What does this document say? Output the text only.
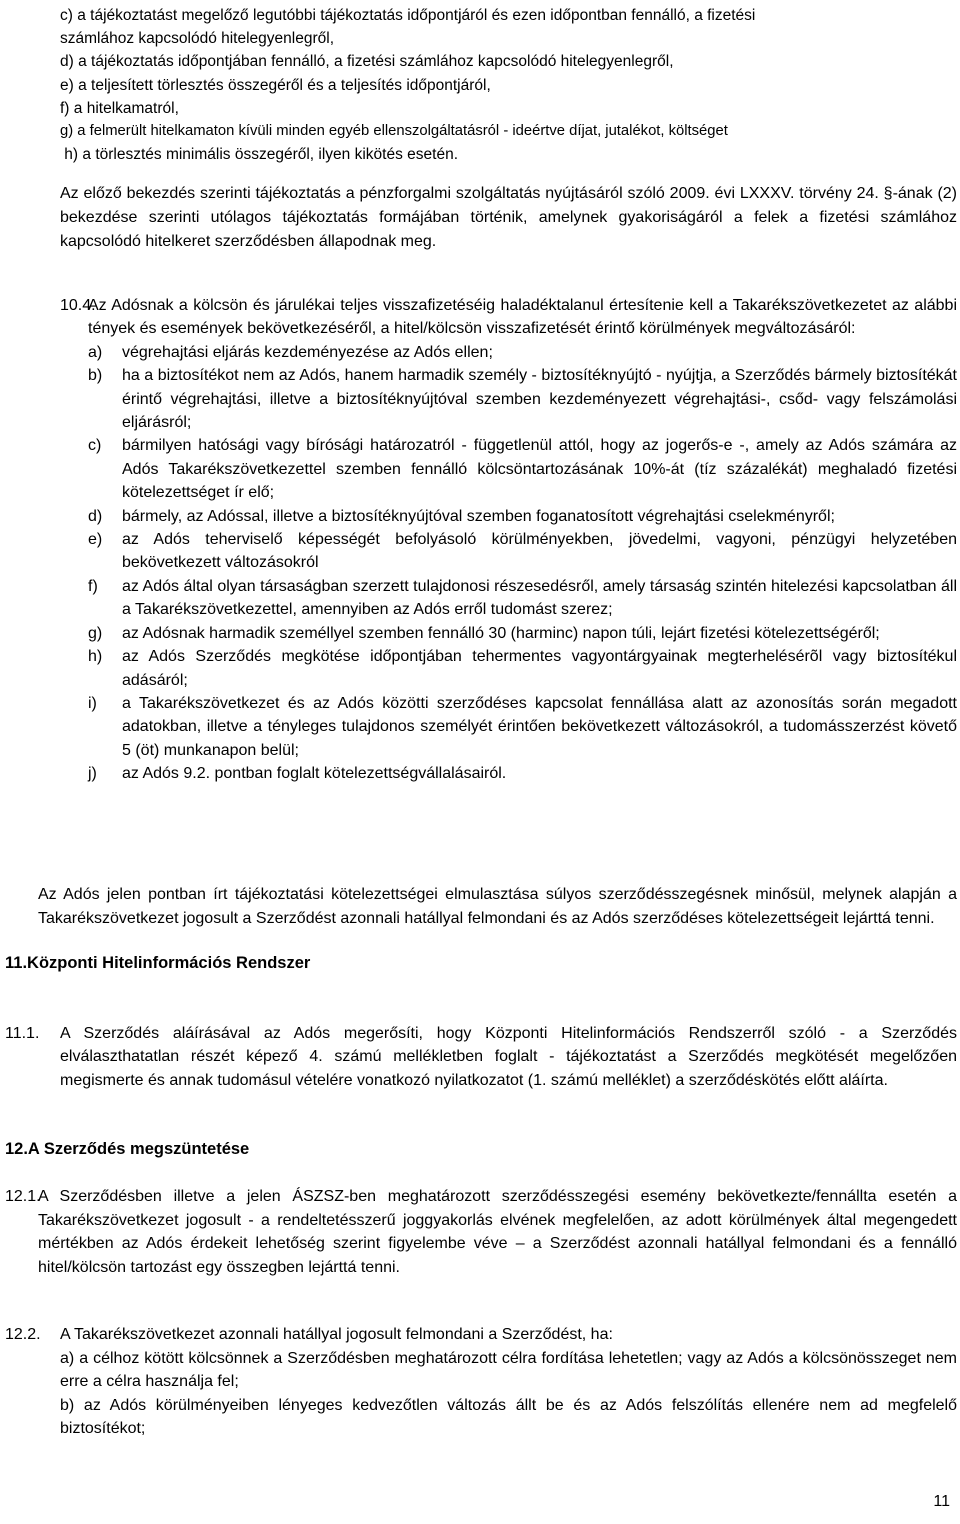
c) a tájékoztatást megelőző legutóbbi tájékoztatás időpontjáról és ezen időpontban fennálló, a fizetési
számlához kapcsolódó hitelegyenlegről,

d) a tájékoztatás időpontjában fennálló, a fizetési számlához kapcsolódó hitelegyenlegről,

e) a teljesített törlesztés összegéről és a teljesítés időpontjáról,

f) a hitelkamatról,

g) a felmerült hitelkamaton kívüli minden egyéb ellenszolgáltatásról - ideértve díjat, jutalékot, költséget

h) a törlesztés minimális összegéről, ilyen kikötés esetén.

Az előző bekezdés szerinti tájékoztatás a pénzforgalmi szolgáltatás nyújtásáról szóló 2009. évi LXXXV. törvény 24. §-ának (2) bekezdése szerinti utólagos tájékoztatás formájában történik, amelynek gyakoriságáról a felek a fizetési számlához kapcsolódó hitelkeret szerződésben állapodnak meg.

10.4.
Az Adósnak a kölcsön és járulékai teljes visszafizetéséig haladéktalanul értesítenie kell a Takarékszövetkezetet az alábbi tények és események bekövetkezéséről, a hitel/kölcsön visszafizetését érintő körülmények megváltozásáról:
a)	végrehajtási eljárás kezdeményezése az Adós ellen;
b)	ha a biztosítékot nem az Adós, hanem harmadik személy - biztosítéknyújtó - nyújtja, a Szerződés bármely biztosítékát érintő végrehajtási, illetve a biztosítéknyújtóval szemben kezdeményezett végrehajtási-, csőd- vagy felszámolási eljárásról;
c)	bármilyen hatósági vagy bírósági határozatról - függetlenül attól, hogy az jogerős-e -, amely az Adós számára az Adós Takarékszövetkezettel szemben fennálló kölcsöntartozásának 10%-át (tíz százalékát) meghaladó fizetési kötelezettséget ír elő;
d)	bármely, az Adóssal, illetve a biztosítéknyújtóval szemben foganatosított végrehajtási cselekményről;
e)	az Adós teherviselő képességét befolyásoló körülményekben, jövedelmi, vagyoni, pénzügyi helyzetében bekövetkezett változásokról
f)	az Adós által olyan társaságban szerzett tulajdonosi részesedésről, amely társaság szintén hitelezési kapcsolatban áll a Takarékszövetkezettel, amennyiben az Adós erről tudomást szerez;
g)	az Adósnak harmadik személlyel szemben fennálló 30 (harminc) napon túli, lejárt fizetési kötelezettségéről;
h)	az Adós Szerződés megkötése időpontjában tehermentes vagyontárgyainak megterhelésérõl vagy biztosítékul adásáról;
i)	a Takarékszövetkezet és az Adós közötti szerződéses kapcsolat fennállása alatt az azonosítás során megadott adatokban, illetve a tényleges tulajdonos személyét érintően bekövetkezett változásokról, a tudomásszerzést követő 5 (öt) munkanapon belül;
j)	az Adós 9.2. pontban foglalt kötelezettségvállalásairól.

Az Adós jelen pontban írt tájékoztatási kötelezettségei elmulasztása súlyos szerződésszegésnek minősül, melynek alapján a Takarékszövetkezet jogosult a Szerződést azonnali hatállyal felmondani és az Adós szerződéses kötelezettségeit lejárttá tenni.

11.Központi Hitelinformációs Rendszer
11.1.	A Szerződés aláírásával az Adós megerősíti, hogy Központi Hitelinformációs Rendszerről szóló - a Szerződés elválaszthatatlan részét képező 4. számú mellékletben foglalt - tájékoztatást a Szerződés megkötését megelőzően megismerte és annak tudomásul vételére vonatkozó nyilatkozatot (1. számú melléklet) a szerződéskötés előtt aláírta.
12.A Szerződés megszüntetése
12.1.
A Szerződésben illetve a jelen ÁSZSZ-ben meghatározott szerződésszegési esemény bekövetkezte/fennállta esetén a Takarékszövetkezet jogosult - a rendeltetésszerű joggyakorlás elvének megfelelően, az adott körülmények által megengedett mértékben az Adós érdekeit lehetőség szerint figyelembe véve – a Szerződést azonnali hatállyal felmondani és a fennálló hitel/kölcsön tartozást egy összegben lejárttá tenni.
12.2.	A Takarékszövetkezet azonnali hatállyal jogosult felmondani a Szerződést, ha:
a) a célhoz kötött kölcsönnek a Szerződésben meghatározott célra fordítása lehetetlen; vagy az Adós a kölcsönösszeget nem erre a célra használja fel;
b) az Adós körülményeiben lényeges kedvezőtlen változás állt be és az Adós felszólítás ellenére nem ad megfelelő biztosítékot;
11
